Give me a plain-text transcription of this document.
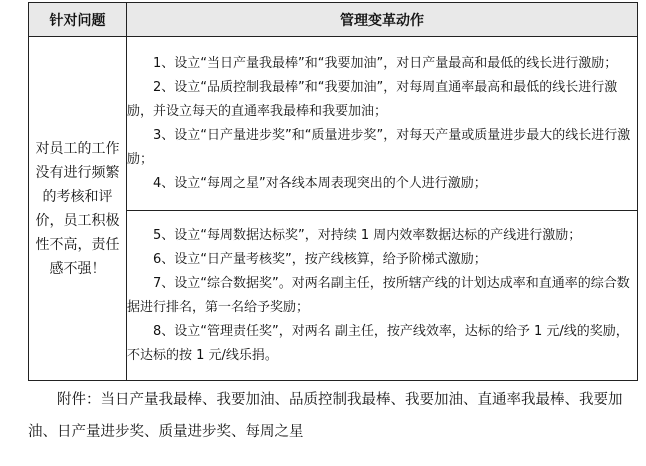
针对问题	管理变革动作
对员工的工作没有进行频繁的考核和评价，员工积极性不高，责任感不强！	1、设立“当日产量我最棒”和“我要加油”，对日产量最高和最低的线长进行激励；

2、设立“品质控制我最棒”和“我要加油”，对每周直通率最高和最低的线长进行激励，并设立每天的直通率我最棒和我要加油；

3、设立“日产量进步奖”和“质量进步奖”，对每天产量或质量进步最大的线长进行激励；

4、设立“每周之星”对各线本周表现突出的个人进行激励；

	5、设立“每周数据达标奖”，对持续 1 周内效率数据达标的产线进行激励；

6、设立“日产量考核奖”，按产线核算，给予阶梯式激励；

7、设立“综合数据奖”。对两名副主任，按所辖产线的计划达成率和直通率的综合数据进行排名，第一名给予奖励；

8、设立“管理责任奖”，对两名 副主任，按产线效率，达标的给予 1 元/线的奖励，不达标的按 1 元/线乐捐。

附件：当日产量我最棒、我要加油、品质控制我最棒、我要加油、直通率我最棒、我要加油、日产量进步奖、质量进步奖、每周之星
